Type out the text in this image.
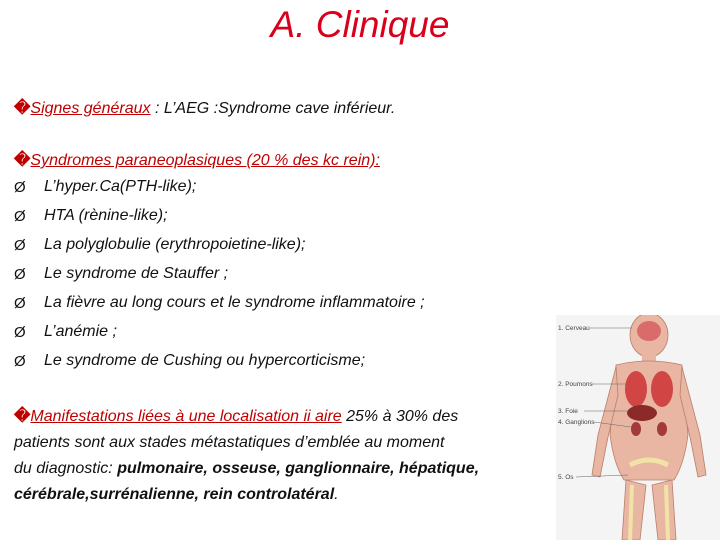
A. Clinique
�Signes généraux : L’AEG :Syndrome cave inférieur.
�Syndromes paraneoplasiques (20 % des kc rein):
Ø L’hyper.Ca(PTH-like);
Ø HTA (rènine-like);
Ø La polyglobulie (erythropoietine-like);
Ø Le syndrome de Stauffer ;
Ø La fièvre au long cours et le syndrome inflammatoire ;
Ø L’anémie ;
Ø Le syndrome de Cushing ou hypercorticisme;
�Manifestations liées à une localisation ii aire 25% à 30% des
patients sont aux stades métastatiques d’emblée au moment
du diagnostic: pulmonaire, osseuse, ganglionnaire, hépatique,
cérébrale,surrénalienne, rein controlatéral.
1. Cerveau
2. Poumons
3. Foie
4. Ganglions
5. Os
